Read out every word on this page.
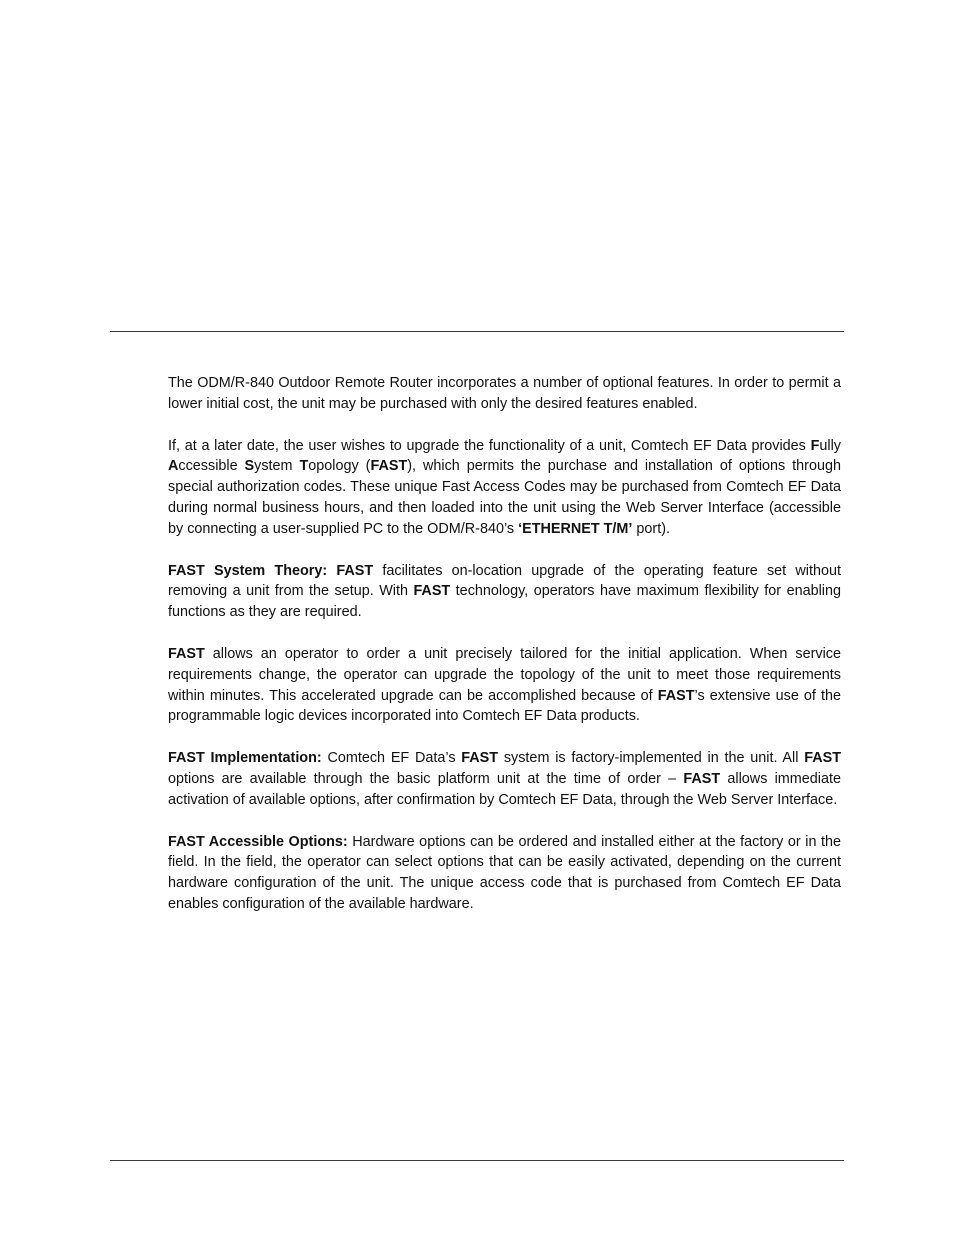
The ODM/R-840 Outdoor Remote Router incorporates a number of optional features. In order to permit a lower initial cost, the unit may be purchased with only the desired features enabled.

If, at a later date, the user wishes to upgrade the functionality of a unit, Comtech EF Data provides Fully Accessible System Topology (FAST), which permits the purchase and installation of options through special authorization codes. These unique Fast Access Codes may be purchased from Comtech EF Data during normal business hours, and then loaded into the unit using the Web Server Interface (accessible by connecting a user-supplied PC to the ODM/R-840’s ‘ETHERNET T/M’ port).

FAST System Theory: FAST facilitates on-location upgrade of the operating feature set without removing a unit from the setup. With FAST technology, operators have maximum flexibility for enabling functions as they are required.

FAST allows an operator to order a unit precisely tailored for the initial application. When service requirements change, the operator can upgrade the topology of the unit to meet those requirements within minutes. This accelerated upgrade can be accomplished because of FAST’s extensive use of the programmable logic devices incorporated into Comtech EF Data products.

FAST Implementation: Comtech EF Data’s FAST system is factory-implemented in the unit. All FAST options are available through the basic platform unit at the time of order – FAST allows immediate activation of available options, after confirmation by Comtech EF Data, through the Web Server Interface.

FAST Accessible Options: Hardware options can be ordered and installed either at the factory or in the field. In the field, the operator can select options that can be easily activated, depending on the current hardware configuration of the unit. The unique access code that is purchased from Comtech EF Data enables configuration of the available hardware.
